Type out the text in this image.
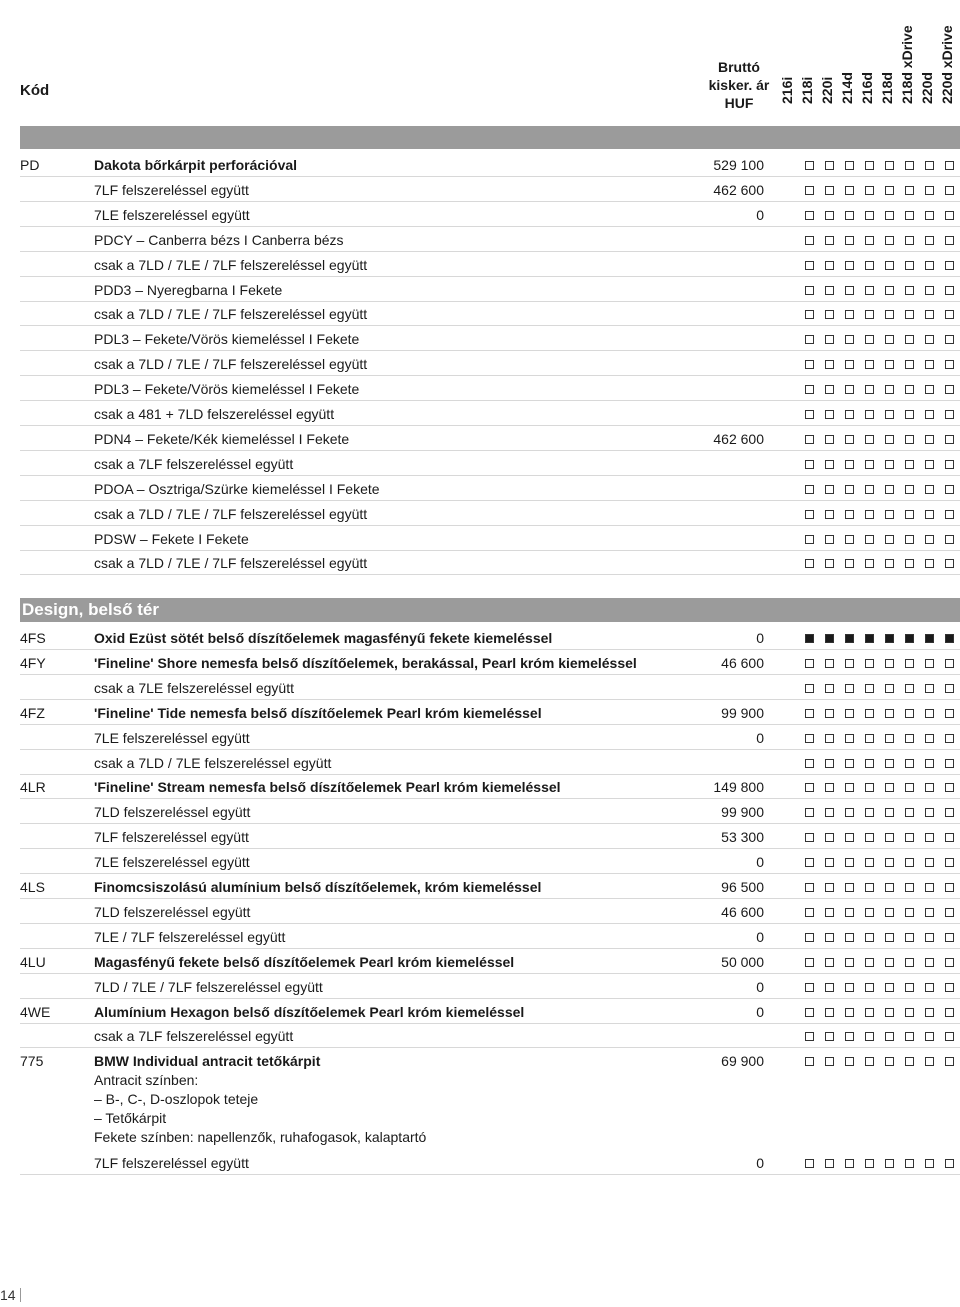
Kód
Bruttó
kisker. ár
HUF	216i 218i 220i 214d 216d 218d 218d xDrive 220d 220d xDrive
PD	Dakota bőrkárpit perforációval	529 100
7LF felszereléssel együtt	462 600
7LE felszereléssel együtt	0
PDCY – Canberra bézs I Canberra bézs
csak a 7LD / 7LE / 7LF felszereléssel együtt
PDD3 – Nyeregbarna I Fekete
csak a 7LD / 7LE / 7LF felszereléssel együtt
PDL3 – Fekete/Vörös kiemeléssel I Fekete
csak a 7LD / 7LE / 7LF felszereléssel együtt
PDL3 – Fekete/Vörös kiemeléssel I Fekete
csak a 481 + 7LD felszereléssel együtt
PDN4 – Fekete/Kék kiemeléssel I Fekete	462 600
csak a 7LF felszereléssel együtt
PDOA – Osztriga/Szürke kiemeléssel I Fekete
csak a 7LD / 7LE / 7LF felszereléssel együtt
PDSW – Fekete I Fekete
csak a 7LD / 7LE / 7LF felszereléssel együtt
Design, belső tér
4FS	Oxid Ezüst sötét belső díszítőelemek magasfényű fekete kiemeléssel	0
4FY	'Fineline' Shore nemesfa belső díszítőelemek, berakással, Pearl króm kiemeléssel	46 600
csak a 7LE felszereléssel együtt
4FZ	'Fineline' Tide nemesfa belső díszítőelemek Pearl króm kiemeléssel	99 900
7LE felszereléssel együtt	0
csak a 7LD / 7LE felszereléssel együtt
4LR	'Fineline' Stream nemesfa belső díszítőelemek Pearl króm kiemeléssel	149 800
7LD felszereléssel együtt	99 900
7LF felszereléssel együtt	53 300
7LE felszereléssel együtt	0
4LS	Finomcsiszolású alumínium belső díszítőelemek, króm kiemeléssel	96 500
7LD felszereléssel együtt	46 600
7LE / 7LF felszereléssel együtt	0
4LU	Magasfényű fekete belső díszítőelemek Pearl króm kiemeléssel	50 000
7LD / 7LE / 7LF felszereléssel együtt	0
4WE	Alumínium Hexagon belső díszítőelemek Pearl króm kiemeléssel	0
csak a 7LF felszereléssel együtt
775	BMW Individual antracit tetőkárpit	69 900
Antracit színben:
– B-, C-, D-oszlopok teteje
– Tetőkárpit
Fekete színben: napellenzők, ruhafogasok, kalaptartó
7LF felszereléssel együtt	0
14
